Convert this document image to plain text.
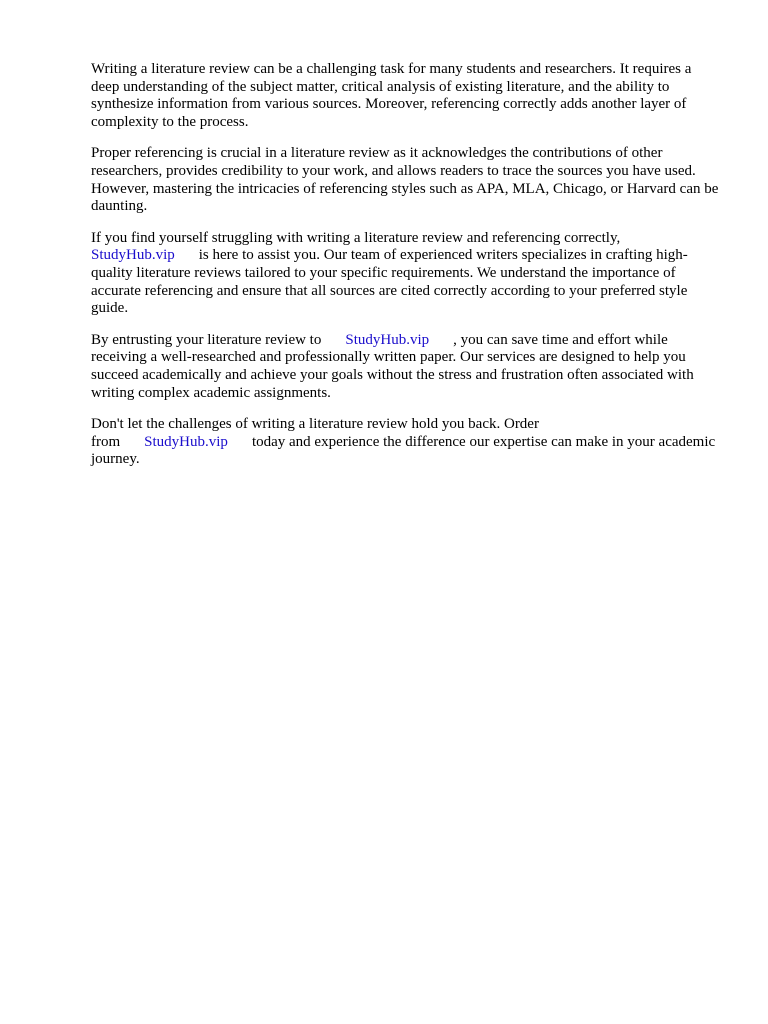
Writing a literature review can be a challenging task for many students and researchers. It requires a deep understanding of the subject matter, critical analysis of existing literature, and the ability to synthesize information from various sources. Moreover, referencing correctly adds another layer of complexity to the process.

Proper referencing is crucial in a literature review as it acknowledges the contributions of other researchers, provides credibility to your work, and allows readers to trace the sources you have used. However, mastering the intricacies of referencing styles such as APA, MLA, Chicago, or Harvard can be daunting.

If you find yourself struggling with writing a literature review and referencing correctly, StudyHub.vip is here to assist you. Our team of experienced writers specializes in crafting high-quality literature reviews tailored to your specific requirements. We understand the importance of accurate referencing and ensure that all sources are cited correctly according to your preferred style guide.

By entrusting your literature review to StudyHub.vip , you can save time and effort while receiving a well-researched and professionally written paper. Our services are designed to help you succeed academically and achieve your goals without the stress and frustration often associated with writing complex academic assignments.

Don't let the challenges of writing a literature review hold you back. Order from StudyHub.vip today and experience the difference our expertise can make in your academic journey.
